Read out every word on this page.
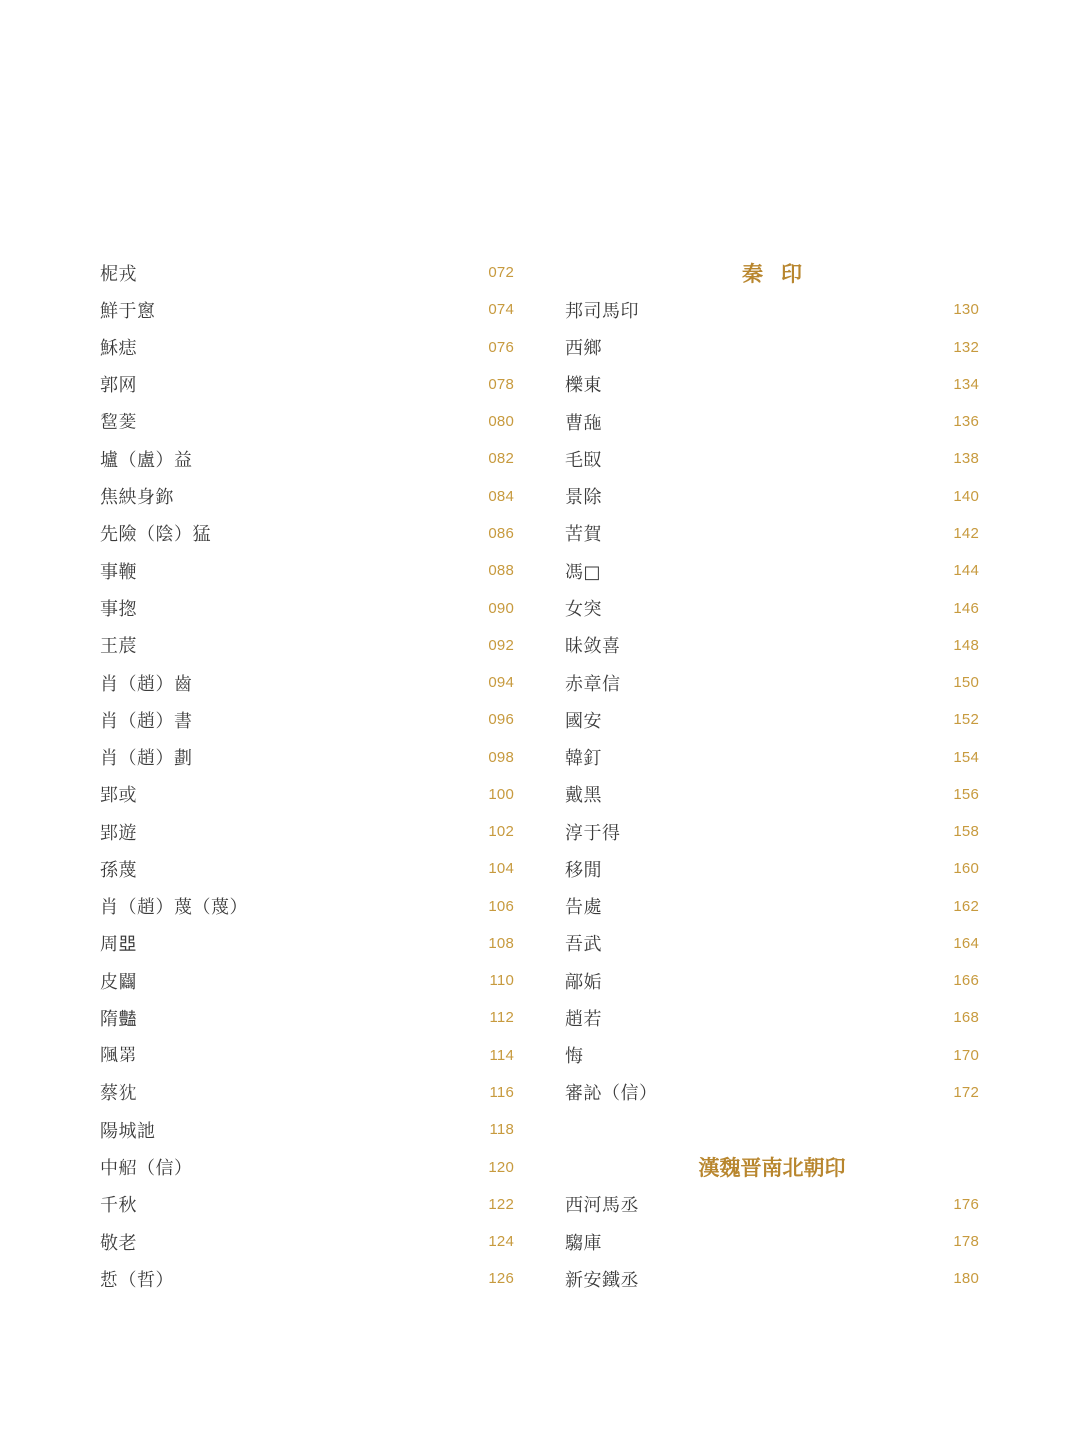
柅戎	072
鮮于窻	074
穌痣	076
郭网	078
𨛫蓌	080
壚（盧）益	082
焦紻身鉨	084
先險（陰）猛	086
事鞭	088
事揔	090
王莀	092
肖（趙）齒	094
肖（趙）書	096
肖（趙）劃	098
郢或	100
郢遊	102
孫蔑	104
肖（趙）蔑（蔑）	106
周𠁁	108
皮𨷻	110
隋𧰟	112
𨺢罤	114
蔡𤜴	116
陽城訑	118
中𦨣（信）	120
千秋	122
敬老	124
悊（哲）	126
秦印
邦司馬印	130
西鄉	132
櫟東	134
曹𦧓	136
毛臤	138
景除	140
苦賀	142
馮□	144
女突	146
昧敛喜	148
赤章信	150
國安	152
韓釘	154
戴黑	156
淳于得	158
移閒	160
告處	162
吾武	164
鄗姤	166
趙若	168
悔	170
審訫（信）	172
漢魏晋南北朝印
西河馬丞	176
騶庫	178
新安鐵丞	180
